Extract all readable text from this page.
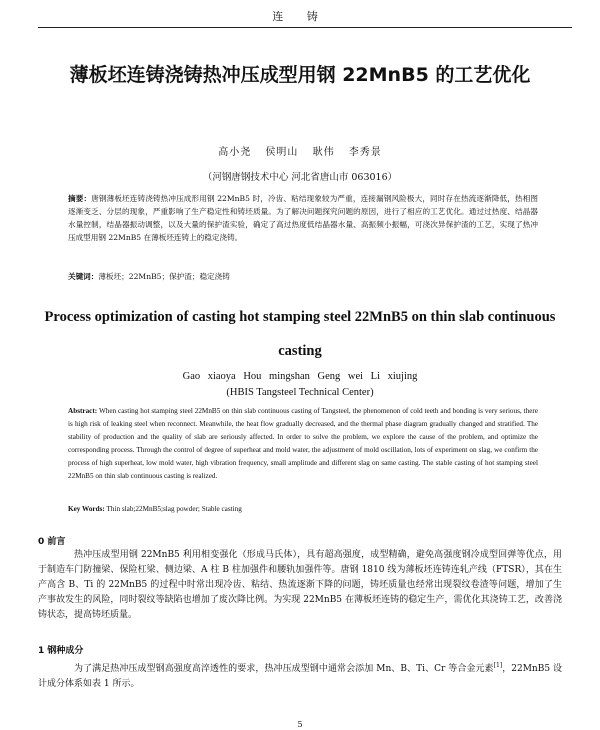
连 铸
薄板坯连铸浇铸热冲压成型用钢 22MnB5 的工艺优化
高小尧 侯明山 耿伟 李秀景
（河钢唐钢技术中心 河北省唐山市 063016）
摘要：唐钢薄板坯连铸浇铸热冲压成形用钢 22MnB5 时，冷齿、粘结现象较为严重，连接漏钢风险极大，同时存在热流逐渐降低，热相图逐渐变乏、分层的现象，严重影响了生产稳定性和铸坯质量。为了解决问题探究问题的原因，进行了相应的工艺优化。通过过热度、结晶器水量控制，结晶器振动调整，以及大量的保护渣实验，确定了高过热度低结晶器水量、高振频小振幅，可浇次异保护渣的工艺，实现了热冲压成型用钢 22MnB5 在薄板坯连铸上的稳定浇铸。
关键词：薄板坯；22MnB5；保护渣；稳定浇铸
Process optimization of casting hot stamping steel 22MnB5 on thin slab continuous casting
Gao xiaoya Hou mingshan Geng wei Li xiujing
(HBIS Tangsteel Technical Center)
Abstract: When casting hot stamping steel 22MnB5 on thin slab continuous casting of Tangsteel, the phenomenon of cold teeth and bonding is very serious, there is high risk of leaking steel when reconnect. Meanwhile, the heat flow gradually decreased, and the thermal phase diagram gradually changed and stratified. The stability of production and the quality of slab are seriously affected. In order to solve the problem, we explore the cause of the problem, and optimize the corresponding process. Through the control of degree of superheat and mold water, the adjustment of mold oscillation, lots of experiment on slag, we confirm the process of high superheat, low mold water, high vibration frequency, small amplitude and different slag on same casting. The stable casting of hot stamping steel 22MnB5 on thin slab continuous casting is realized.
Key Words: Thin slab;22MnB5;slag powder; Stable casting
0 前言
热冲压成型用钢 22MnB5 利用相变强化（形成马氏体），具有超高强度，成型精确，避免高强度钢冷成型回弹等优点，用于制造车门防撞梁、保险杠梁、侧边梁、A 柱 B 柱加强件和腰轨加强件等。唐钢 1810 线为薄板坯连铸连轧产线（FTSR），其在生产高含 B、Ti 的 22MnB5 的过程中时常出现冷齿、粘结、热流逐渐下降的问题，铸坯质量也经常出现裂纹卷渣等问题，增加了生产事故发生的风险，同时裂纹等缺陷也增加了废次降比例。为实现 22MnB5 在薄板坯连铸的稳定生产，需优化其浇铸工艺，改善浇铸状态，提高铸坯质量。
1 钢种成分
为了满足热冲压成型钢高强度高淬透性的要求，热冲压成型钢中通常会添加 Mn、B、Ti、Cr 等合金元素[1]，22MnB5 设计成分体系如表 1 所示。
5
